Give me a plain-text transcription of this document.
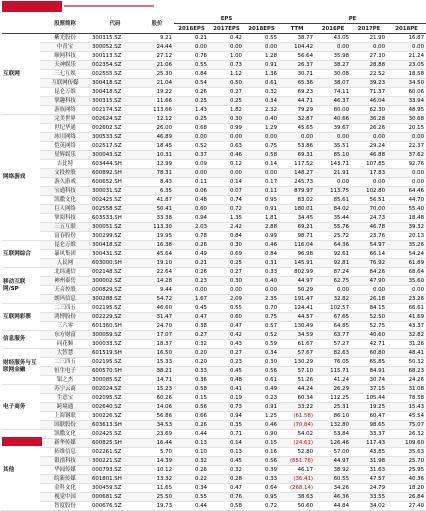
	股票简称	代码	股价	EPS			PE			
				2016EPS	2017EPS	2018EPS	TTM	2016PE	2017PE	2018PE
互联网	紫光股份	300315.SZ	9.21	0.21	0.42	0.55	38.77	43.05	21.90	16.87
	中青宝	300052.SZ	24.44	0.00	0.00	0.00	104.42	0.00	0.00	0.00
	顺网科技	300113.SZ	27.12	0.76	1.00	1.28	56.64	35.98	27.30	21.24
	天神娱乐	002354.SZ	21.06	0.55	0.73	0.91	26.37	38.27	28.88	23.05
	三七互娱	002555.SZ	25.30	0.84	1.12	1.36	30.71	30.08	22.52	18.58
	互联网传媒	300418.SZ	21.04	0.54	0.50	0.61	65.36	38.07	39.23	34.50
	昆仑万维	300418.SZ	19.22	0.26	0.27	0.32	69.23	74.11	71.37	60.06
	掌趣科技	300315.SZ	11.66	0.25	0.25	0.34	44.71	46.37	46.04	33.94
	游族网络	002174.SZ	113.66	1.43	1.82	2.32	79.29	80.00	62.30	48.95
网络游戏	完美世界	002624.SZ	12.12	0.25	0.30	0.40	32.87	40.66	36.28	30.68
	世纪华通	002602.SZ	26.00	0.68	0.99	1.29	45.65	39.67	26.26	20.15
	冰川网络	300533.SZ	46.89	0.00	0.00	0.00	0.00	0.00	0.00	0.00
	恺英网络	002517.SZ	18.45	0.52	0.63	0.75	53.86	35.51	29.24	22.37
	星辉娱乐	300043.SZ	10.31	0.37	0.46	0.58	69.31	85.10	46.88	37.62
	吉比特	603444.SH	12.99	0.09	0.12	0.14	117.52	143.71	107.85	92.76
	文投控股	600892.SH	78.31	0.00	0.00	0.00	148.27	21.91	17.83	0.00
	游久游戏	600652.SH	8.43	0.11	0.14	0.17	245.73	0.00	0.00	0.00
	宝通科技	300031.SZ	6.35	0.06	0.07	0.11	879.97	113.75	102.80	64.46
	凯撒文化	002425.SZ	41.87	0.48	0.74	0.95	83.02	85.61	56.51	44.70
	巨人网络	002558.SZ	50.41	0.60	0.72	0.91	180.01	84.02	70.00	55.40
	掌阅科技	603533.SH	33.38	0.94	1.35	1.81	34.45	35.44	24.73	18.48
	三五互联	300051.SZ	113.30	2.03	2.42	2.88	69.21	55.76	46.78	39.32
	富春股份	300299.SZ	19.95	0.78	0.84	0.99	98.71	25.72	23.76	20.13
互联网综合	昆仑万维	300418.SZ	16.38	0.26	0.30	0.46	116.04	64.36	54.97	35.26
	暴风集团	300431.SZ	45.64	0.49	0.69	0.84	96.98	92.61	66.14	54.24
	人民网	603000.SH	19.10	0.21	0.25	0.31	145.91	92.81	76.92	61.89
移动互联网/SP	北纬通信	002148.SZ	22.64	0.26	0.27	0.33	802.99	87.24	84.26	68.64
	神州泰岳	300002.SZ	14.28	0.23	0.30	0.40	44.97	62.75	47.90	35.60
	天音控股	000829.SZ	9.44	0.00	0.00	0.00	50.29	0.00	0.00	0.00
	朗玛信息	300288.SZ	54.72	1.67	2.09	2.35	191.47	32.82	26.18	23.26
互联网彩票	二三四五	002195.SZ	46.60	0.45	0.55	0.70	124.41	102.57	84.15	66.61
	鸿博股份	002229.SZ	31.47	0.47	0.60	0.75	44.57	67.65	52.50	41.69
	三六零	601360.SH	24.70	0.38	0.47	0.57	130.49	64.85	52.75	43.37
信息服务	东方财富	300059.SZ	17.07	0.27	0.42	0.52	34.59	63.77	40.60	32.82
	同花顺	300033.SZ	18.37	0.32	0.43	0.59	61.67	57.27	42.71	31.26
财经服务与互联网金融	大智慧	601519.SH	16.50	0.20	0.27	0.34	57.67	82.63	60.80	48.41
	二三四五	002195.SZ	15.33	0.20	0.23	0.30	130.29	76.05	65.85	50.32
	恒生电子	600570.SH	38.21	0.33	0.45	0.56	57.10	115.71	84.91	68.23
	银之杰	300085.SZ	14.71	0.36	0.48	0.61	51.26	41.24	30.74	24.26
电子商务	苏宁云商	002024.SZ	15.23	0.58	0.41	0.49	44.24	26.29	37.15	31.08
	生意宝	002095.SZ	60.26	0.15	0.19	0.23	60.34	112.25	105.44	78.58
	跨境通	002640.SZ	14.06	0.56	0.73	0.91	33.22	25.31	19.25	15.43
	上海钢联	300226.SZ	56.86	0.66	0.94	1.25	(61.58)	86.10	60.47	45.54
	国联股份	603613.SH	34.53	0.26	0.35	0.46	(70.84)	132.80	98.65	75.07
其他	凯撒文化	002425.SZ	23.69	0.44	0.71	0.90	54.02	53.84	33.37	26.32
	新华传媒	600825.SH	16.44	0.13	0.14	0.15	(24.61)	126.46	117.43	109.60
	拓维信息	002261.SZ	5.70	0.10	0.13	0.16	52.80	57.00	43.85	35.63
	银禧科技	300221.SZ	14.39	0.32	0.45	0.56	(851.76)	44.97	31.98	25.70
	华闻传媒	000793.SZ	10.12	0.26	0.32	0.39	46.17	38.92	31.63	25.95
	皖新传媒	601801.SH	13.32	0.22	0.28	0.33	(36.41)	60.55	47.57	40.36
	金科文化	300459.SZ	11.65	0.34	0.47	0.64	(268.14)	34.26	24.79	18.20
	视觉中国	000681.SZ	25.50	0.55	0.76	0.95	38.63	46.36	33.55	26.84
	智度股份	000676.SZ	19.73	0.44	0.58	0.72	50.60	44.84	34.02	27.40
